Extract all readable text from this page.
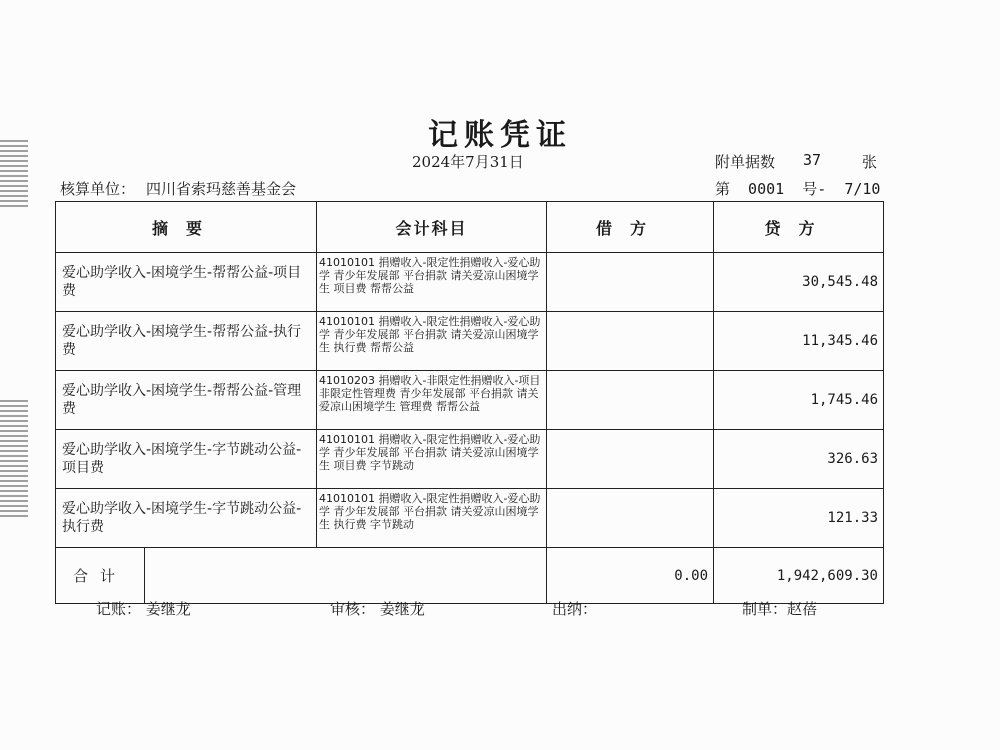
记账凭证
2024年7月31日	附单据数 37	张
核算单位： 四川省索玛慈善基金会	第  0001  号-  7/10
摘要	会计科目	借方	贷方
爱心助学收入-困境学生-帮帮公益-项目费	41010101 捐赠收入-限定性捐赠收入-爱心助学 青少年发展部 平台捐款 请关爱凉山困境学生 项目费 帮帮公益		30,545.48
爱心助学收入-困境学生-帮帮公益-执行费	41010101 捐赠收入-限定性捐赠收入-爱心助学 青少年发展部 平台捐款 请关爱凉山困境学生 执行费 帮帮公益		11,345.46
爱心助学收入-困境学生-帮帮公益-管理费	41010203 捐赠收入-非限定性捐赠收入-项目非限定性管理费 青少年发展部 平台捐款 请关爱凉山困境学生 管理费 帮帮公益		1,745.46
爱心助学收入-困境学生-字节跳动公益-项目费	41010101 捐赠收入-限定性捐赠收入-爱心助学 青少年发展部 平台捐款 请关爱凉山困境学生 项目费 字节跳动		326.63
爱心助学收入-困境学生-字节跳动公益-执行费	41010101 捐赠收入-限定性捐赠收入-爱心助学 青少年发展部 平台捐款 请关爱凉山困境学生 执行费 字节跳动		121.33

合计		0.00	1,942,609.30
记账： 姜继龙	审核： 姜继龙	出纳：	制单：赵蓓
